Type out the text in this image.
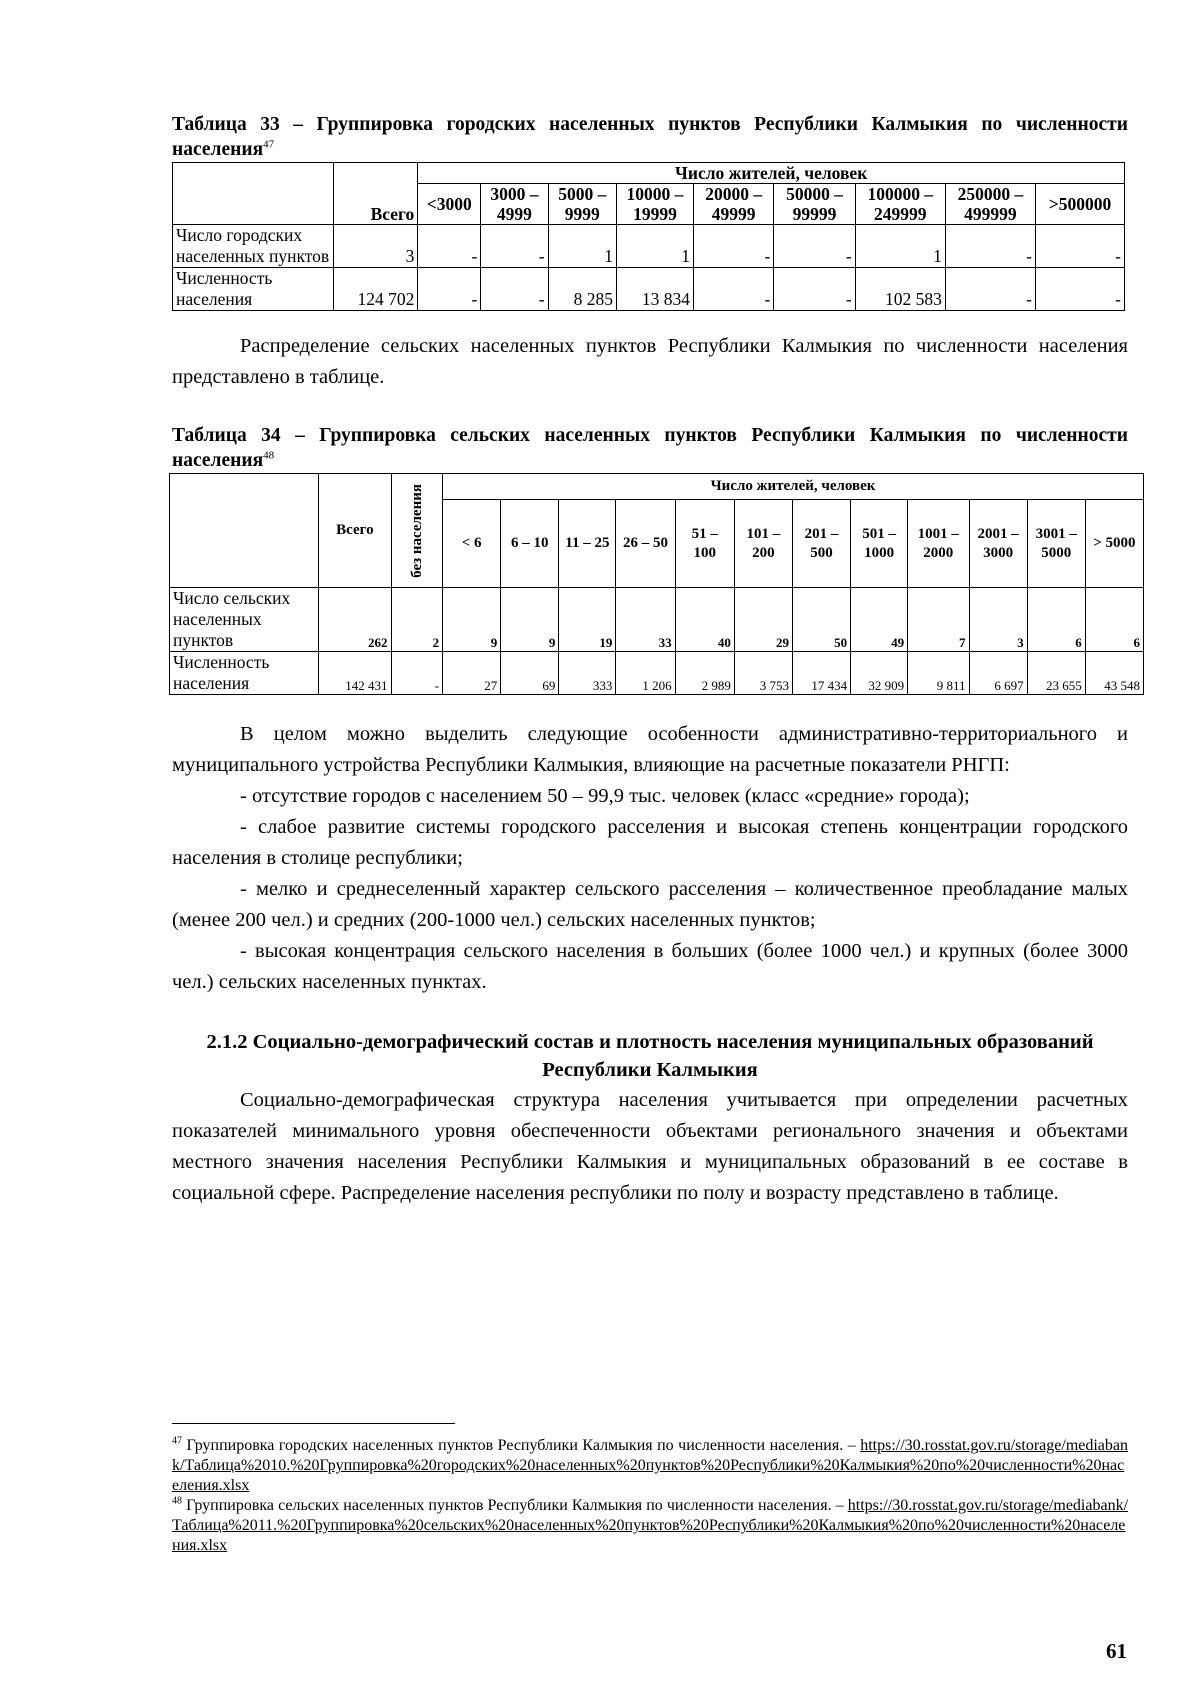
Таблица 33 – Группировка городских населенных пунктов Республики Калмыкия по численности населения$^{47}$

	Всего	Число жителей, человек								
		<3000	3000 – 4999	5000 – 9999	10000 – 19999	20000 – 49999	50000 – 99999	100000 – 249999	250000 – 499999	>500000
Число городских населенных пунктов	3	-	-	1	1	-	-	1	-	-
Численность населения	124 702	-	-	8 285	13 834	-	-	102 583	-	-

Распределение сельских населенных пунктов Республики Калмыкия по численности населения представлено в таблице.

Таблица 34 – Группировка сельских населенных пунктов Республики Калмыкия по численности населения$^{48}$

	Всего	без населения	Число жителей, человек											
			< 6	6 – 10	11 – 25	26 – 50	51 – 100	101 – 200	201 – 500	501 – 1000	1001 – 2000	2001 – 3000	3001 – 5000	> 5000
Число сельских населенных пунктов	262	2	9	9	19	33	40	29	50	49	7	3	6	6
Численность населения	142 431	-	27	69	333	1 206	2 989	3 753	17 434	32 909	9 811	6 697	23 655	43 548

В целом можно выделить следующие особенности административно-территориального и муниципального устройства Республики Калмыкия, влияющие на расчетные показатели РНГП:

- отсутствие городов с населением 50 – 99,9 тыс. человек (класс «средние» города);

- слабое развитие системы городского расселения и высокая степень концентрации городского населения в столице республики;

- мелко и среднеселенный характер сельского расселения – количественное преобладание малых (менее 200 чел.) и средних (200-1000 чел.) сельских населенных пунктов;

- высокая концентрация сельского населения в больших (более 1000 чел.) и крупных (более 3000 чел.) сельских населенных пунктах.

2.1.2 Социально-демографический состав и плотность населения муниципальных образований Республики Калмыкия

Социально-демографическая структура населения учитывается при определении расчетных показателей минимального уровня обеспеченности объектами регионального значения и объектами местного значения населения Республики Калмыкия и муниципальных образований в ее составе в социальной сфере. Распределение населения республики по полу и возрасту представлено в таблице.

$^{47}$ Группировка городских населенных пунктов Республики Калмыкия по численности населения. – https://30.rosstat.gov.ru/storage/mediabank/Таблица%2010.%20Группировка%20городских%20населенных%20пунктов%20Республики%20Калмыкия%20по%20численности%20населения.xlsx

$^{48}$ Группировка сельских населенных пунктов Республики Калмыкия по численности населения. – https://30.rosstat.gov.ru/storage/mediabank/Таблица%2011.%20Группировка%20сельских%20населенных%20пунктов%20Республики%20Калмыкия%20по%20численности%20населения.xlsx

61
